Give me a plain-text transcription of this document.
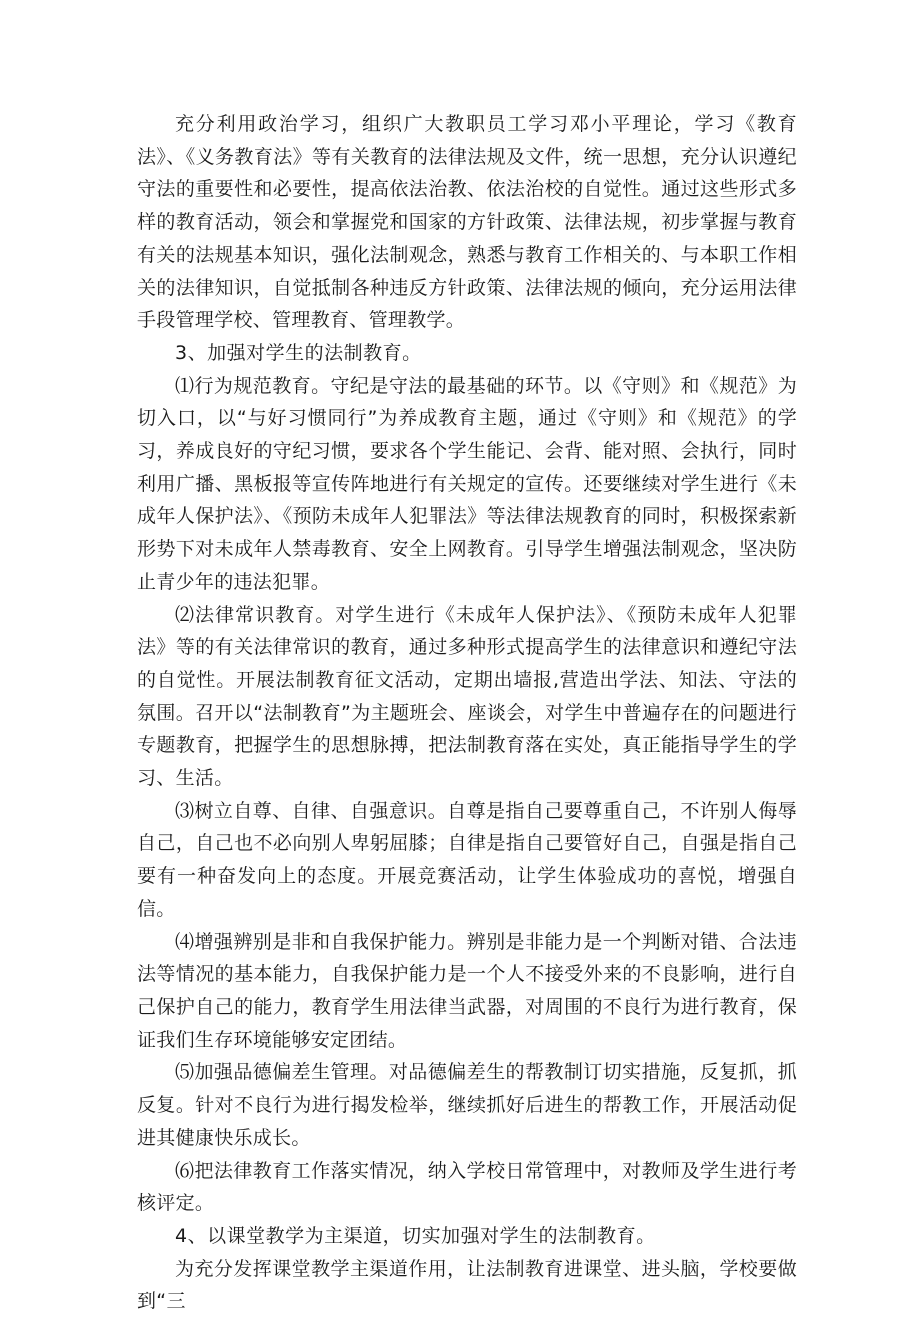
充分利用政治学习，组织广大教职员工学习邓小平理论，学习《教育法》、《义务教育法》等有关教育的法律法规及文件，统一思想，充分认识遵纪守法的重要性和必要性，提高依法治教、依法治校的自觉性。通过这些形式多样的教育活动，领会和掌握党和国家的方针政策、法律法规，初步掌握与教育有关的法规基本知识，强化法制观念，熟悉与教育工作相关的、与本职工作相关的法律知识，自觉抵制各种违反方针政策、法律法规的倾向，充分运用法律手段管理学校、管理教育、管理教学。

3、加强对学生的法制教育。

⑴行为规范教育。守纪是守法的最基础的环节。以《守则》和《规范》为切入口，以“与好习惯同行”为养成教育主题，通过《守则》和《规范》的学习，养成良好的守纪习惯，要求各个学生能记、会背、能对照、会执行，同时利用广播、黑板报等宣传阵地进行有关规定的宣传。还要继续对学生进行《未成年人保护法》、《预防未成年人犯罪法》等法律法规教育的同时，积极探索新形势下对未成年人禁毒教育、安全上网教育。引导学生增强法制观念，坚决防止青少年的违法犯罪。

⑵法律常识教育。对学生进行《未成年人保护法》、《预防未成年人犯罪法》等的有关法律常识的教育，通过多种形式提高学生的法律意识和遵纪守法的自觉性。开展法制教育征文活动，定期出墙报,营造出学法、知法、守法的氛围。召开以“法制教育”为主题班会、座谈会，对学生中普遍存在的问题进行专题教育，把握学生的思想脉搏，把法制教育落在实处，真正能指导学生的学习、生活。

⑶树立自尊、自律、自强意识。自尊是指自己要尊重自己，不许别人侮辱自己，自己也不必向别人卑躬屈膝；自律是指自己要管好自己，自强是指自己要有一种奋发向上的态度。开展竞赛活动，让学生体验成功的喜悦，增强自信。

⑷增强辨别是非和自我保护能力。辨别是非能力是一个判断对错、合法违法等情况的基本能力，自我保护能力是一个人不接受外来的不良影响，进行自己保护自己的能力，教育学生用法律当武器，对周围的不良行为进行教育，保证我们生存环境能够安定团结。

⑸加强品德偏差生管理。对品德偏差生的帮教制订切实措施，反复抓，抓反复。针对不良行为进行揭发检举，继续抓好后进生的帮教工作，开展活动促进其健康快乐成长。

⑹把法律教育工作落实情况，纳入学校日常管理中，对教师及学生进行考核评定。

4、以课堂教学为主渠道，切实加强对学生的法制教育。

为充分发挥课堂教学主渠道作用，让法制教育进课堂、进头脑，学校要做到“三
